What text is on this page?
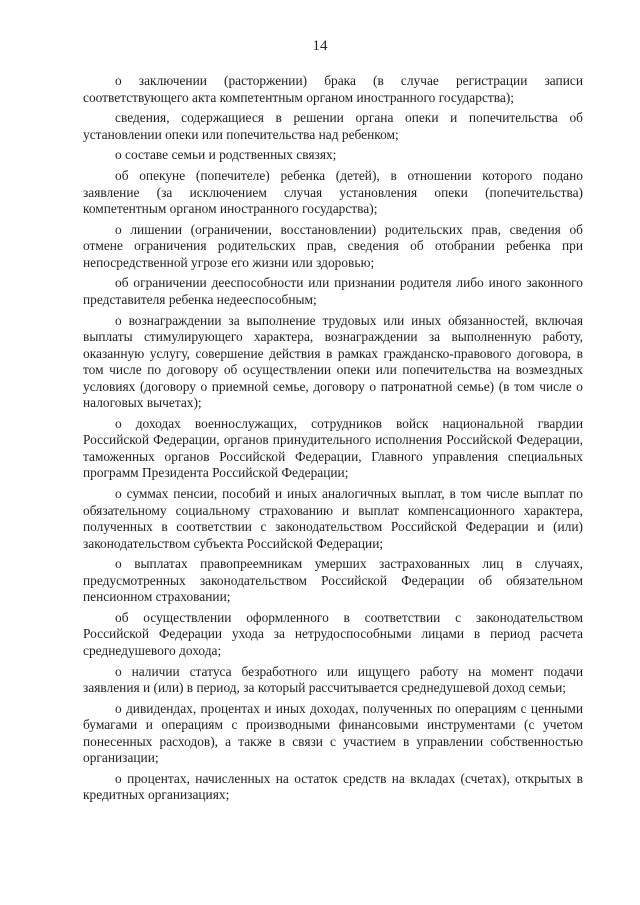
14

о заключении (расторжении) брака (в случае регистрации записи соответствующего акта компетентным органом иностранного государства);

сведения, содержащиеся в решении органа опеки и попечительства об установлении опеки или попечительства над ребенком;

о составе семьи и родственных связях;

об опекуне (попечителе) ребенка (детей), в отношении которого подано заявление (за исключением случая установления опеки (попечительства) компетентным органом иностранного государства);

о лишении (ограничении, восстановлении) родительских прав, сведения об отмене ограничения родительских прав, сведения об отобрании ребенка при непосредственной угрозе его жизни или здоровью;

об ограничении дееспособности или признании родителя либо иного законного представителя ребенка недееспособным;

о вознаграждении за выполнение трудовых или иных обязанностей, включая выплаты стимулирующего характера, вознаграждении за выполненную работу, оказанную услугу, совершение действия в рамках гражданско-правового договора, в том числе по договору об осуществлении опеки или попечительства на возмездных условиях (договору о приемной семье, договору о патронатной семье) (в том числе о налоговых вычетах);

о доходах военнослужащих, сотрудников войск национальной гвардии Российской Федерации, органов принудительного исполнения Российской Федерации, таможенных органов Российской Федерации, Главного управления специальных программ Президента Российской Федерации;

о суммах пенсии, пособий и иных аналогичных выплат, в том числе выплат по обязательному социальному страхованию и выплат компенсационного характера, полученных в соответствии с законодательством Российской Федерации и (или) законодательством субъекта Российской Федерации;

о выплатах правопреемникам умерших застрахованных лиц в случаях, предусмотренных законодательством Российской Федерации об обязательном пенсионном страховании;

об осуществлении оформленного в соответствии с законодательством Российской Федерации ухода за нетрудоспособными лицами в период расчета среднедушевого дохода;

о наличии статуса безработного или ищущего работу на момент подачи заявления и (или) в период, за который рассчитывается среднедушевой доход семьи;

о дивидендах, процентах и иных доходах, полученных по операциям с ценными бумагами и операциям с производными финансовыми инструментами (с учетом понесенных расходов), а также в связи с участием в управлении собственностью организации;

о процентах, начисленных на остаток средств на вкладах (счетах), открытых в кредитных организациях;
